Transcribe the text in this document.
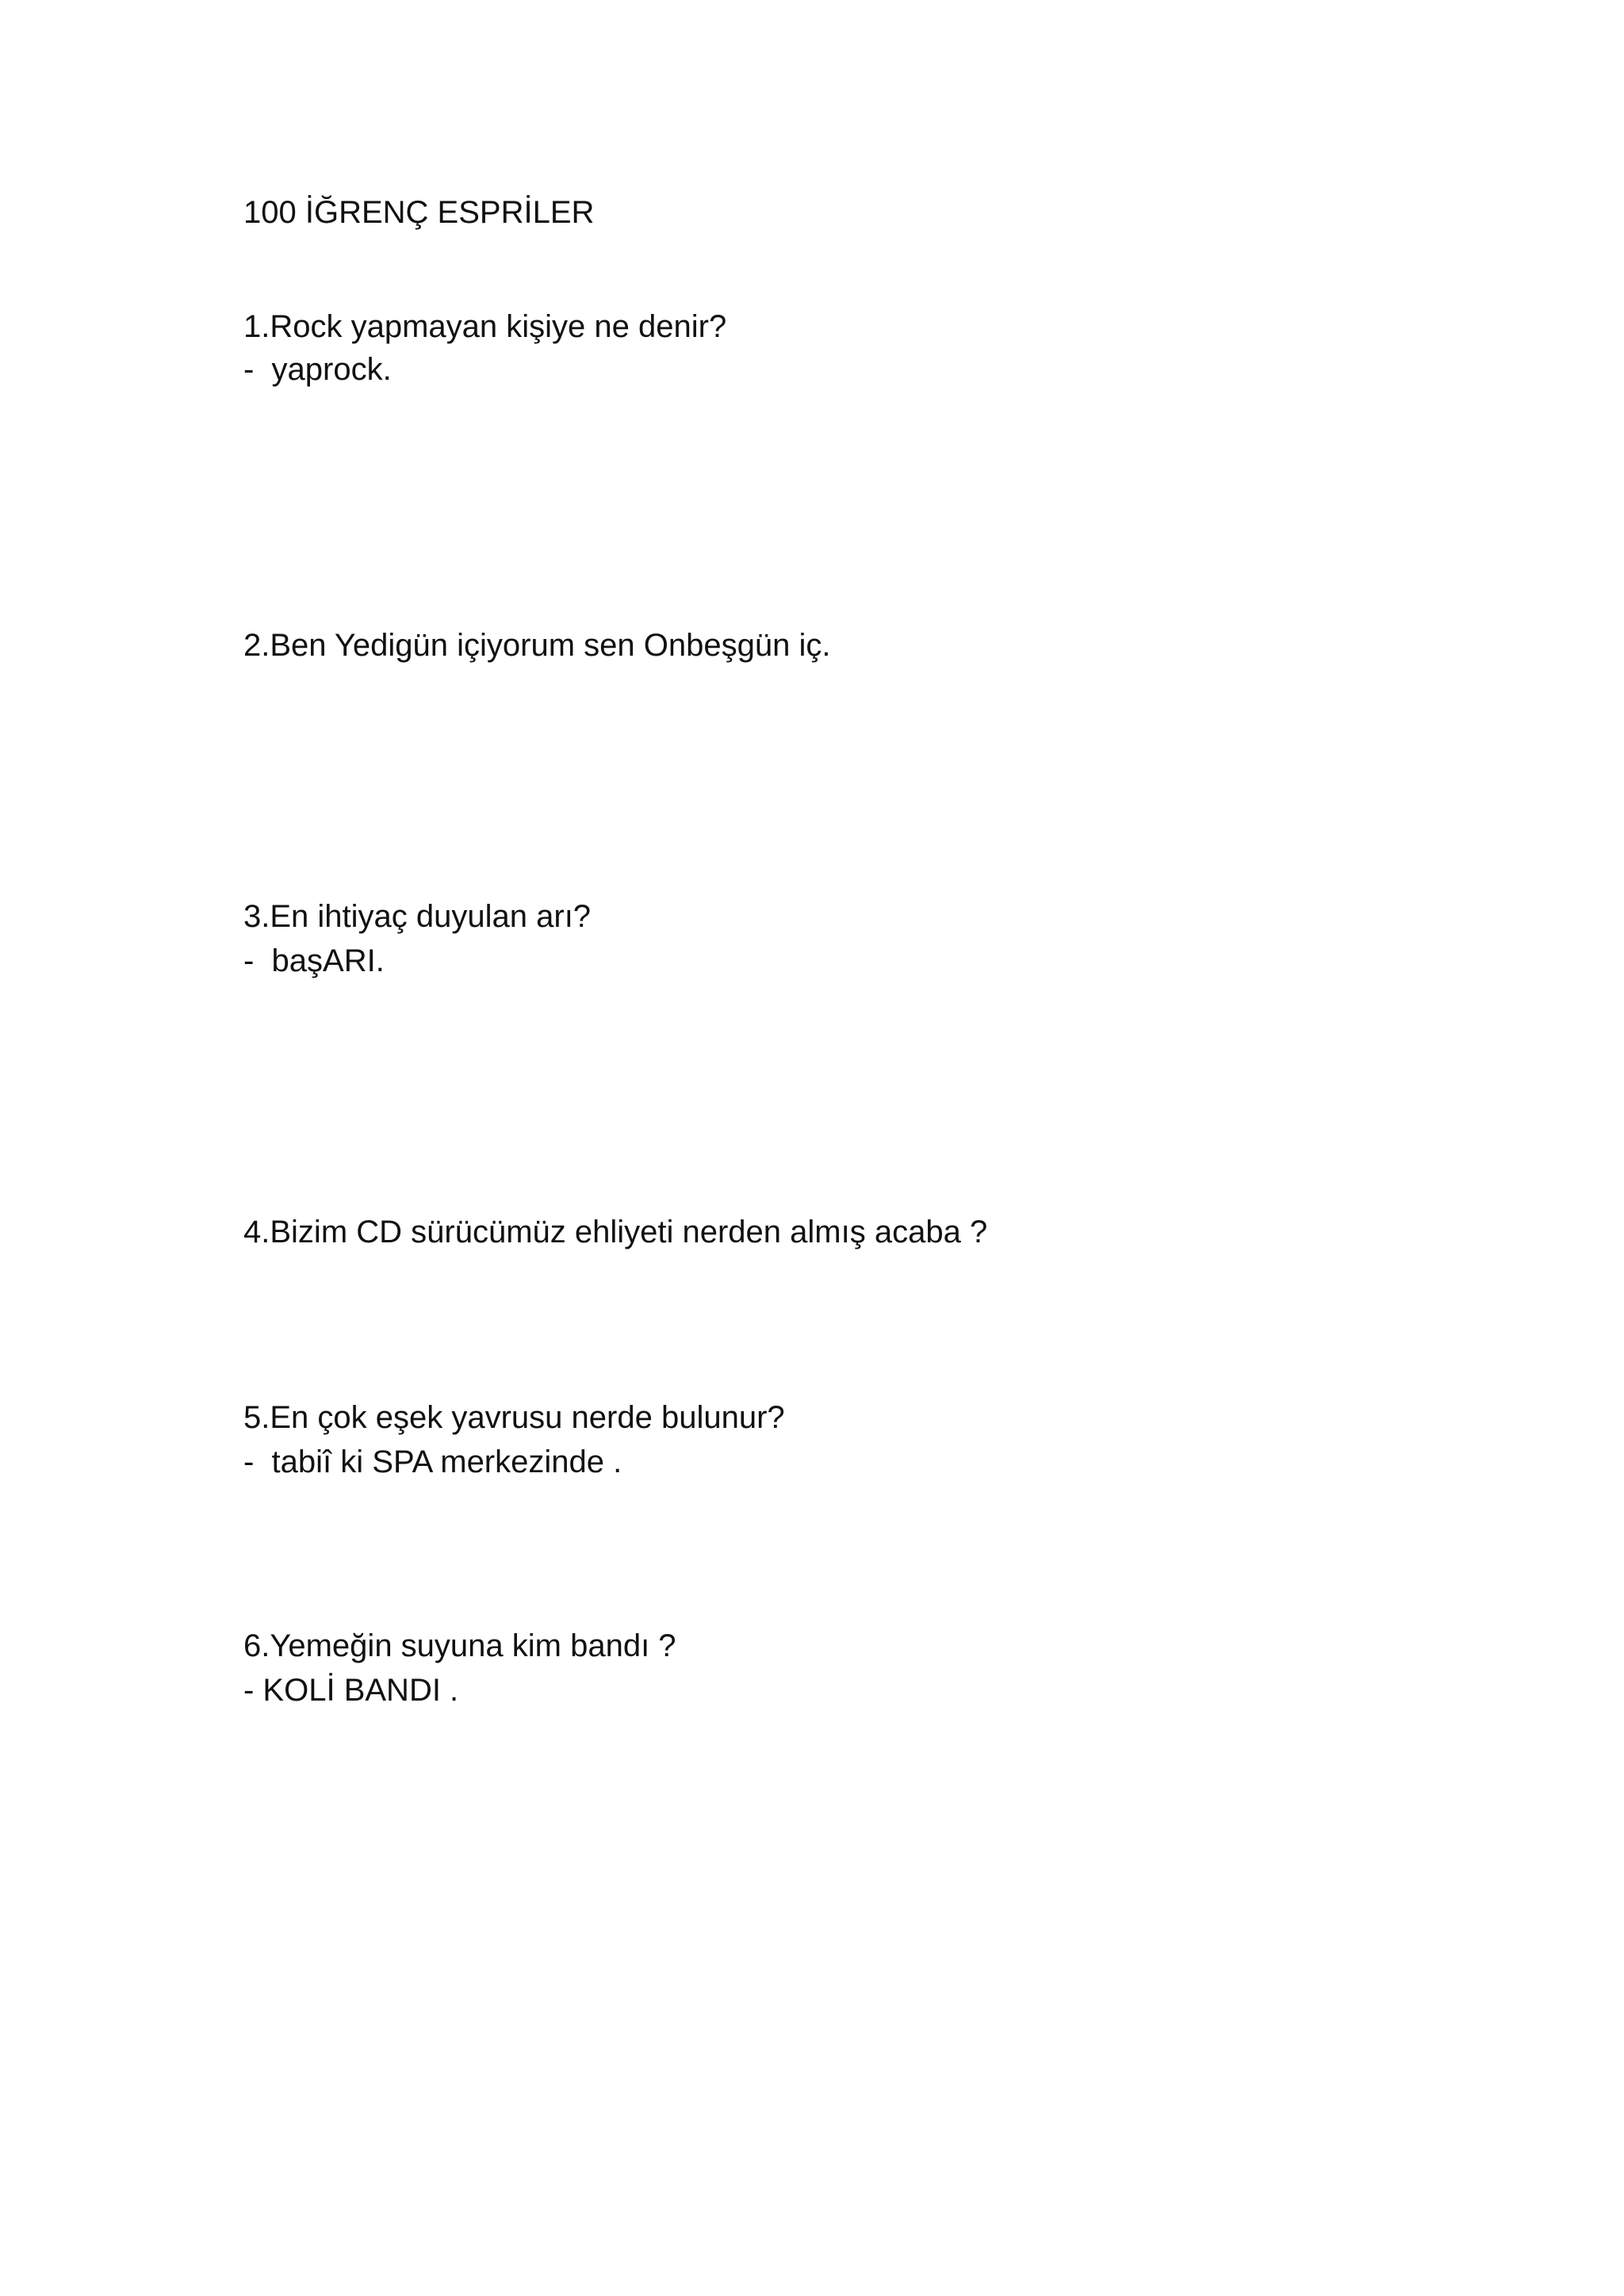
100 İĞRENÇ ESPRİLER

1.Rock yapmayan kişiye ne denir?

-  yaprock.

2.Ben Yedigün içiyorum sen Onbeşgün iç.

3.En ihtiyaç duyulan arı?

-  başARI.

4.Bizim CD sürücümüz ehliyeti nerden almış acaba ?

5.En çok eşek yavrusu nerde bulunur?

-  tabiî ki SPA merkezinde .

6.Yemeğin suyuna kim bandı ?

- KOLİ BANDI .
